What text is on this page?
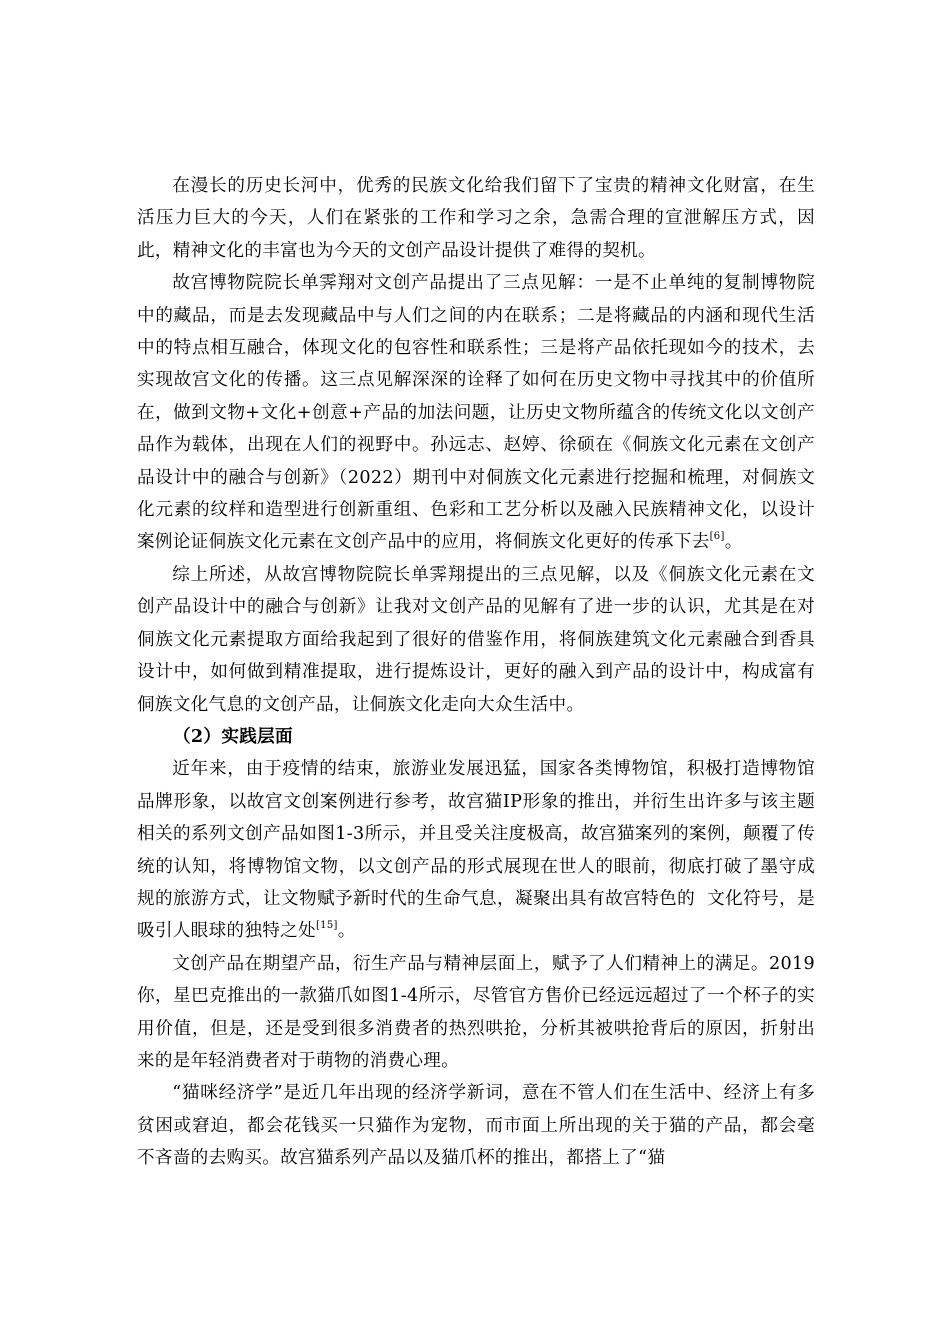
在漫长的历史长河中，优秀的民族文化给我们留下了宝贵的精神文化财富，在生活压力巨大的今天，人们在紧张的工作和学习之余，急需合理的宣泄解压方式，因此，精神文化的丰富也为今天的文创产品设计提供了难得的契机。

故宫博物院院长单霁翔对文创产品提出了三点见解：一是不止单纯的复制博物院中的藏品，而是去发现藏品中与人们之间的内在联系；二是将藏品的内涵和现代生活中的特点相互融合，体现文化的包容性和联系性；三是将产品依托现如今的技术，去实现故宫文化的传播。这三点见解深深的诠释了如何在历史文物中寻找其中的价值所在，做到文物+文化+创意+产品的加法问题，让历史文物所蕴含的传统文化以文创产品作为载体，出现在人们的视野中。孙远志、赵婷、徐硕在《侗族文化元素在文创产品设计中的融合与创新》（2022）期刊中对侗族文化元素进行挖掘和梳理，对侗族文化元素的纹样和造型进行创新重组、色彩和工艺分析以及融入民族精神文化，以设计案例论证侗族文化元素在文创产品中的应用，将侗族文化更好的传承下去[6]。

综上所述，从故宫博物院院长单霁翔提出的三点见解，以及《侗族文化元素在文创产品设计中的融合与创新》让我对文创产品的见解有了进一步的认识，尤其是在对侗族文化元素提取方面给我起到了很好的借鉴作用，将侗族建筑文化元素融合到香具设计中，如何做到精准提取，进行提炼设计，更好的融入到产品的设计中，构成富有侗族文化气息的文创产品，让侗族文化走向大众生活中。

（2）实践层面

近年来，由于疫情的结束，旅游业发展迅猛，国家各类博物馆，积极打造博物馆品牌形象，以故宫文创案例进行参考，故宫猫IP形象的推出，并衍生出许多与该主题相关的系列文创产品如图1-3所示，并且受关注度极高，故宫猫案列的案例，颠覆了传统的认知，将博物馆文物，以文创产品的形式展现在世人的眼前，彻底打破了墨守成规的旅游方式，让文物赋予新时代的生命气息，凝聚出具有故宫特色的  文化符号，是吸引人眼球的独特之处[15]。

文创产品在期望产品，衍生产品与精神层面上，赋予了人们精神上的满足。2019你，星巴克推出的一款猫爪如图1-4所示，尽管官方售价已经远远超过了一个杯子的实用价值，但是，还是受到很多消费者的热烈哄抢，分析其被哄抢背后的原因，折射出来的是年轻消费者对于萌物的消费心理。

“猫咪经济学”是近几年出现的经济学新词，意在不管人们在生活中、经济上有多贫困或窘迫，都会花钱买一只猫作为宠物，而市面上所出现的关于猫的产品，都会毫不吝啬的去购买。故宫猫系列产品以及猫爪杯的推出，都搭上了“猫
